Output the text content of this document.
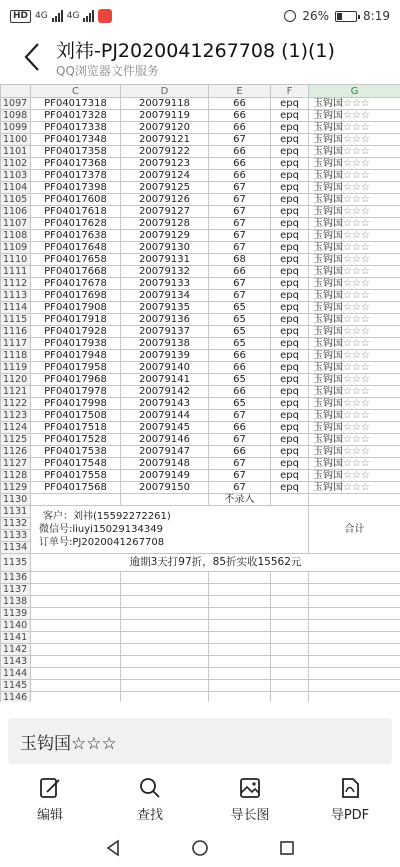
HD 4G 4G	26%	8:19
刘祎-PJ2020041267708 (1)(1)
QQ浏览器文件服务
	C	D	E	F	G
1097	PF04017318	20079118	66	epq	玉钩国☆☆☆
1098	PF04017328	20079119	66	epq	玉钩国☆☆☆
1099	PF04017338	20079120	66	epq	玉钩国☆☆☆
1100	PF04017348	20079121	67	epq	玉钩国☆☆☆
1101	PF04017358	20079122	66	epq	玉钩国☆☆☆
1102	PF04017368	20079123	66	epq	玉钩国☆☆☆
1103	PF04017378	20079124	66	epq	玉钩国☆☆☆
1104	PF04017398	20079125	67	epq	玉钩国☆☆☆
1105	PF04017608	20079126	67	epq	玉钩国☆☆☆
1106	PF04017618	20079127	67	epq	玉钩国☆☆☆
1107	PF04017628	20079128	67	epq	玉钩国☆☆☆
1108	PF04017638	20079129	67	epq	玉钩国☆☆☆
1109	PF04017648	20079130	67	epq	玉钩国☆☆☆
1110	PF04017658	20079131	68	epq	玉钩国☆☆☆
1111	PF04017668	20079132	66	epq	玉钩国☆☆☆
1112	PF04017678	20079133	67	epq	玉钩国☆☆☆
1113	PF04017698	20079134	67	epq	玉钩国☆☆☆
1114	PF04017908	20079135	65	epq	玉钩国☆☆☆
1115	PF04017918	20079136	65	epq	玉钩国☆☆☆
1116	PF04017928	20079137	65	epq	玉钩国☆☆☆
1117	PF04017938	20079138	65	epq	玉钩国☆☆☆
1118	PF04017948	20079139	66	epq	玉钩国☆☆☆
1119	PF04017958	20079140	66	epq	玉钩国☆☆☆
1120	PF04017968	20079141	65	epq	玉钩国☆☆☆
1121	PF04017978	20079142	66	epq	玉钩国☆☆☆
1122	PF04017998	20079143	65	epq	玉钩国☆☆☆
1123	PF04017508	20079144	67	epq	玉钩国☆☆☆
1124	PF04017518	20079145	66	epq	玉钩国☆☆☆
1125	PF04017528	20079146	67	epq	玉钩国☆☆☆
1126	PF04017538	20079147	66	epq	玉钩国☆☆☆
1127	PF04017548	20079148	67	epq	玉钩国☆☆☆
1128	PF04017558	20079149	67	epq	玉钩国☆☆☆
1129	PF04017568	20079150	67	epq	玉钩国☆☆☆
1130			不录入		
1131	客户：刘祎(15592272261)
微信号:liuyi15029134349
订单号:PJ2020041267708				合计
1132					
1133					
1134					
1135	逾期3天打97折，85折实收15562元				
1136					
1137					
1138					
1139					
1140					
1141					
1142					
1143					
1144					
1145					
1146					
玉钩国☆☆☆
编辑	查找	导长图	导PDF
